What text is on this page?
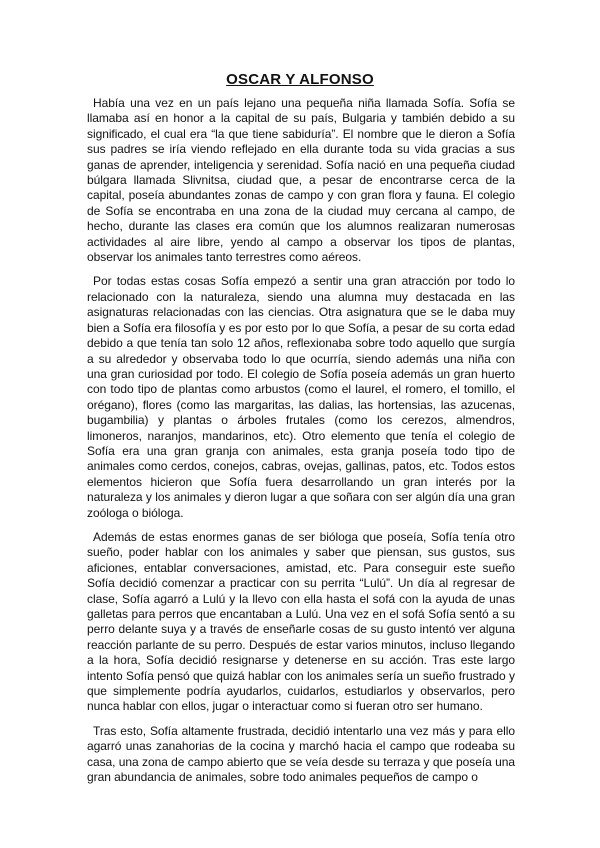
OSCAR Y ALFONSO

Había una vez en un país lejano una pequeña niña llamada Sofía. Sofía se llamaba así en honor a la capital de su país, Bulgaria y también debido a su significado, el cual era “la que tiene sabiduría”. El nombre que le dieron a Sofía sus padres se iría viendo reflejado en ella durante toda su vida gracias a sus ganas de aprender, inteligencia y serenidad. Sofía nació en una pequeña ciudad búlgara llamada Slivnitsa, ciudad que, a pesar de encontrarse cerca de la capital, poseía abundantes zonas de campo y con gran flora y fauna. El colegio de Sofía se encontraba en una zona de la ciudad muy cercana al campo, de hecho, durante las clases era común que los alumnos realizaran numerosas actividades al aire libre, yendo al campo a observar los tipos de plantas, observar los animales tanto terrestres como aéreos.

Por todas estas cosas Sofía empezó a sentir una gran atracción por todo lo relacionado con la naturaleza, siendo una alumna muy destacada en las asignaturas relacionadas con las ciencias. Otra asignatura que se le daba muy bien a Sofía era filosofía y es por esto por lo que Sofía, a pesar de su corta edad debido a que tenía tan solo 12 años, reflexionaba sobre todo aquello que surgía a su alrededor y observaba todo lo que ocurría, siendo además una niña con una gran curiosidad por todo. El colegio de Sofía poseía además un gran huerto con todo tipo de plantas como arbustos (como el laurel, el romero, el tomillo, el orégano), flores (como las margaritas, las dalias, las hortensias, las azucenas, bugambilia) y plantas o árboles frutales (como los cerezos, almendros, limoneros, naranjos, mandarinos, etc). Otro elemento que tenía el colegio de Sofía era una gran granja con animales, esta granja poseía todo tipo de animales como cerdos, conejos, cabras, ovejas, gallinas, patos, etc. Todos estos elementos hicieron que Sofía fuera desarrollando un gran interés por la naturaleza y los animales y dieron lugar a que soñara con ser algún día una gran zoóloga o bióloga.

Además de estas enormes ganas de ser bióloga que poseía, Sofía tenía otro sueño, poder hablar con los animales y saber que piensan, sus gustos, sus aficiones, entablar conversaciones, amistad, etc. Para conseguir este sueño Sofía decidió comenzar a practicar con su perrita “Lulú”. Un día al regresar de clase, Sofía agarró a Lulú y la llevo con ella hasta el sofá con la ayuda de unas galletas para perros que encantaban a Lulú. Una vez en el sofá Sofía sentó a su perro delante suya y a través de enseñarle cosas de su gusto intentó ver alguna reacción parlante de su perro. Después de estar varios minutos, incluso llegando a la hora, Sofía decidió resignarse y detenerse en su acción. Tras este largo intento Sofía pensó que quizá hablar con los animales sería un sueño frustrado y que simplemente podría ayudarlos, cuidarlos, estudiarlos y observarlos, pero nunca hablar con ellos, jugar o interactuar como si fueran otro ser humano.

Tras esto, Sofía altamente frustrada, decidió intentarlo una vez más y para ello agarró unas zanahorias de la cocina y marchó hacia el campo que rodeaba su casa, una zona de campo abierto que se veía desde su terraza y que poseía una gran abundancia de animales, sobre todo animales pequeños de campo o
